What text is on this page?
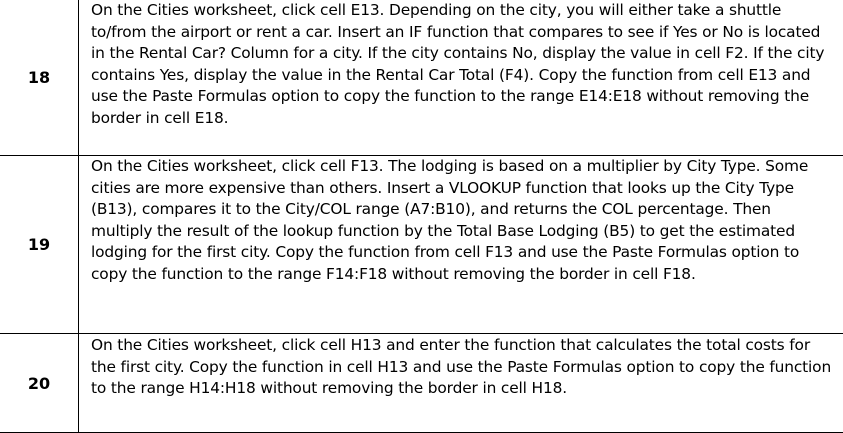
18
On the Cities worksheet, click cell E13. Depending on the city, you will either take a shuttle to/from the airport or rent a car. Insert an IF function that compares to see if Yes or No is located in the Rental Car? Column for a city. If the city contains No, display the value in cell F2. If the city contains Yes, display the value in the Rental Car Total (F4). Copy the function from cell E13 and use the Paste Formulas option to copy the function to the range E14:E18 without removing the border in cell E18.
19
On the Cities worksheet, click cell F13. The lodging is based on a multiplier by City Type. Some cities are more expensive than others. Insert a VLOOKUP function that looks up the City Type (B13), compares it to the City/COL range (A7:B10), and returns the COL percentage. Then multiply the result of the lookup function by the Total Base Lodging (B5) to get the estimated lodging for the first city. Copy the function from cell F13 and use the Paste Formulas option to copy the function to the range F14:F18 without removing the border in cell F18.
20
On the Cities worksheet, click cell H13 and enter the function that calculates the total costs for the first city. Copy the function in cell H13 and use the Paste Formulas option to copy the function to the range H14:H18 without removing the border in cell H18.
